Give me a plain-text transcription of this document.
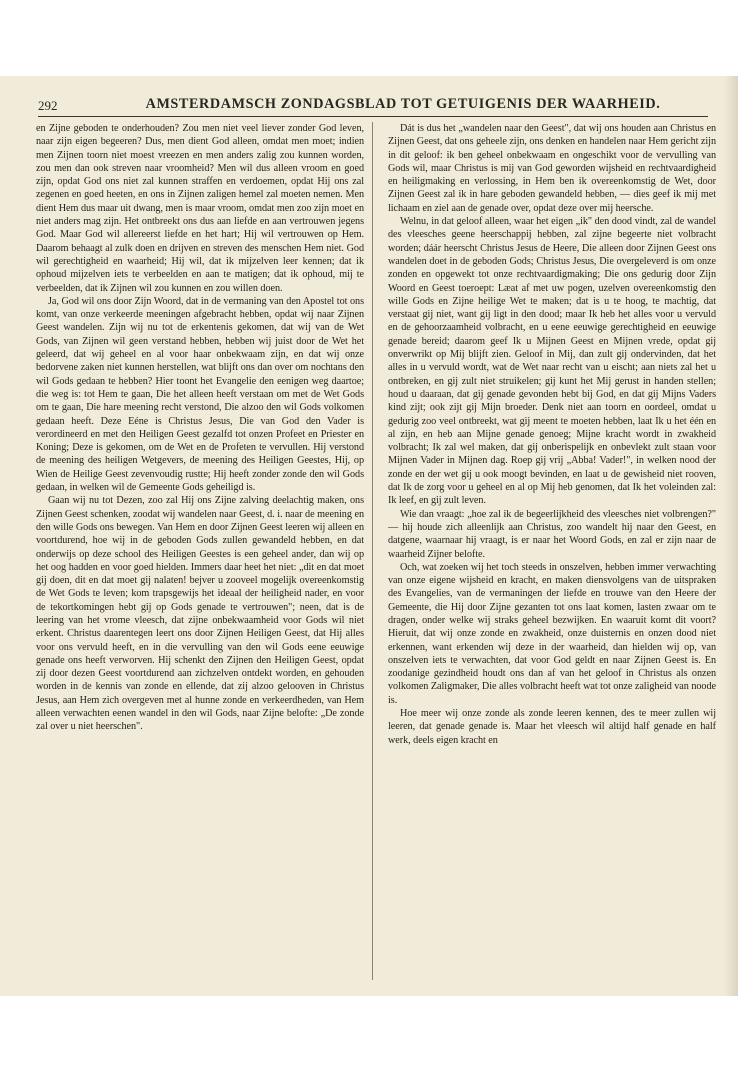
292	AMSTERDAMSCH ZONDAGSBLAD TOT GETUIGENIS DER WAARHEID.

en Zijne geboden te onderhouden? Zou men niet veel liever zonder God leven, naar zijn eigen begeeren? Dus, men dient God alleen, omdat men moet; indien men Zijnen toorn niet moest vreezen en men anders zalig zou kunnen worden, zou men dan ook streven naar vroomheid? Men wil dus alleen vroom en goed zijn, opdat God ons niet zal kunnen straffen en verdoemen, opdat Hij ons zal zegenen en goed heeten, en ons in Zijnen zaligen hemel zal moeten nemen. Men dient Hem dus maar uit dwang, men is maar vroom, omdat men zoo zijn moet en niet anders mag zijn. Het ontbreekt ons dus aan liefde en aan vertrouwen jegens God. Maar God wil allereerst liefde en het hart; Hij wil vertrouwen op Hem. Daarom behaagt al zulk doen en drijven en streven des menschen Hem niet. God wil gerechtigheid en waarheid; Hij wil, dat ik mijzelven leer kennen; dat ik ophoud mijzelven iets te verbeelden en aan te matigen; dat ik ophoud, mij te verbeelden, dat ik Zijnen wil zou kunnen en zou willen doen.

Ja, God wil ons door Zijn Woord, dat in de vermaning van den Apostel tot ons komt, van onze verkeerde meeningen afgebracht hebben, opdat wij naar Zijnen Geest wandelen. Zijn wij nu tot de erkentenis gekomen, dat wij van de Wet Gods, van Zijnen wil geen verstand hebben, hebben wij juist door de Wet het geleerd, dat wij geheel en al voor haar onbekwaam zijn, en dat wij onze bedorvene zaken niet kunnen herstellen, wat blijft ons dan over om nochtans den wil Gods gedaan te hebben? Hier toont het Evangelie den eenigen weg daartoe; die weg is: tot Hem te gaan, Die het alleen heeft verstaan om met de Wet Gods om te gaan, Die hare meening recht verstond, Die alzoo den wil Gods volkomen gedaan heeft. Deze Eéne is Christus Jesus, Die van God den Vader is verordineerd en met den Heiligen Geest gezalfd tot onzen Profeet en Priester en Koning; Deze is gekomen, om de Wet en de Profeten te vervullen. Hij verstond de meening des heiligen Wetgevers, de meening des Heiligen Geestes, Hij, op Wien de Heilige Geest zevenvoudig rustte; Hij heeft zonder zonde den wil Gods gedaan, in welken wil de Gemeente Gods geheiligd is.

Gaan wij nu tot Dezen, zoo zal Hij ons Zijne zalving deelachtig maken, ons Zijnen Geest schenken, zoodat wij wandelen naar Geest, d. i. naar de meening en den wille Gods ons bewegen. Van Hem en door Zijnen Geest leeren wij alleen en voortdurend, hoe wij in de geboden Gods zullen gewandeld hebben, en dat onderwijs op deze school des Heiligen Geestes is een geheel ander, dan wij op het oog hadden en voor goed hielden. Immers daar heet het niet: „dit en dat moet gij doen, dit en dat moet gij nalaten! bejver u zooveel mogelijk overeenkomstig de Wet Gods te leven; kom trapsgewijs het ideaal der heiligheid nader, en voor de tekortkomingen hebt gij op Gods genade te vertrouwen"; neen, dat is de leering van het vrome vleesch, dat zijne onbekwaamheid voor Gods wil niet erkent. Christus daarentegen leert ons door Zijnen Heiligen Geest, dat Hij alles voor ons vervuld heeft, en in die vervulling van den wil Gods eene eeuwige genade ons heeft verworven. Hij schenkt den Zijnen den Heiligen Geest, opdat zij door dezen Geest voortdurend aan zichzelven ontdekt worden, en gehouden worden in de kennis van zonde en ellende, dat zij alzoo gelooven in Christus Jesus, aan Hem zich overgeven met al hunne zonde en verkeerdheden, van Hem alleen verwachten eenen wandel in den wil Gods, naar Zijne belofte: „De zonde zal over u niet heerschen".

Dát is dus het „wandelen naar den Geest", dat wij ons houden aan Christus en Zijnen Geest, dat ons geheele zijn, ons denken en handelen naar Hem gericht zijn in dit geloof: ik ben geheel onbekwaam en ongeschikt voor de vervulling van Gods wil, maar Christus is mij van God geworden wijsheid en rechtvaardigheid en heiligmaking en verlossing, in Hem ben ik overeenkomstig de Wet, door Zijnen Geest zal ik in hare geboden gewandeld hebben, — dies geef ik mij met lichaam en ziel aan de genade over, opdat deze over mij heersche.

Welnu, in dat geloof alleen, waar het eigen „ik" den dood vindt, zal de wandel des vleesches geene heerschappij hebben, zal zijne begeerte niet volbracht worden; dáár heerscht Christus Jesus de Heere, Die alleen door Zijnen Geest ons wandelen doet in de geboden Gods; Christus Jesus, Die overgeleverd is om onze zonden en opgewekt tot onze rechtvaardigmaking; Die ons gedurig door Zijn Woord en Geest toeroept: Læat af met uw pogen, uzelven overeenkomstig den wille Gods en Zijne heilige Wet te maken; dat is u te hoog, te machtig, dat verstaat gij niet, want gij ligt in den dood; maar Ik heb het alles voor u vervuld en de gehoorzaamheid volbracht, en u eene eeuwige gerechtigheid en eeuwige genade bereid; daarom geef Ik u Mijnen Geest en Mijnen vrede, opdat gij onverwrikt op Mij blijft zien. Geloof in Mij, dan zult gij ondervinden, dat het alles in u vervuld wordt, wat de Wet naar recht van u eischt; aan niets zal het u ontbreken, en gij zult niet struikelen; gij kunt het Mij gerust in handen stellen; houd u daaraan, dat gij genade gevonden hebt bij God, en dat gij Mijns Vaders kind zijt; ook zijt gij Mijn broeder. Denk niet aan toorn en oordeel, omdat u gedurig zoo veel ontbreekt, wat gij meent te moeten hebben, laat Ik u het één en al zijn, en heb aan Mijne genade genoeg; Mijne kracht wordt in zwakheid volbracht; Ik zal wel maken, dat gij onberispelijk en onbevlekt zult staan voor Mijnen Vader in Mijnen dag. Roep gij vrij „Abba! Vader!", in welken nood der zonde en der wet gij u ook moogt bevinden, en laat u de gewisheid niet rooven, dat Ik de zorg voor u geheel en al op Mij heb genomen, dat Ik het voleinden zal: Ik leef, en gij zult leven.

Wie dan vraagt: „hoe zal ik de begeerlijkheid des vleesches niet volbrengen?" — hij houde zich alleenlijk aan Christus, zoo wandelt hij naar den Geest, en datgene, waarnaar hij vraagt, is er naar het Woord Gods, en zal er zijn naar de waarheid Zijner belofte.

Och, wat zoeken wij het toch steeds in onszelven, hebben immer verwachting van onze eigene wijsheid en kracht, en maken diensvolgens van de uitspraken des Evangelies, van de vermaningen der liefde en trouwe van den Heere der Gemeente, die Hij door Zijne gezanten tot ons laat komen, lasten zwaar om te dragen, onder welke wij straks geheel bezwijken. En waaruit komt dit voort? Hieruit, dat wij onze zonde en zwakheid, onze duisternis en onzen dood niet erkennen, want erkenden wij deze in der waarheid, dan hielden wij op, van onszelven iets te verwachten, dat voor God geldt en naar Zijnen Geest is. En zoodanige gezindheid houdt ons dan af van het geloof in Christus als onzen volkomen Zaligmaker, Die alles volbracht heeft wat tot onze zaligheid van noode is.

Hoe meer wij onze zonde als zonde leeren kennen, des te meer zullen wij leeren, dat genade genade is. Maar het vleesch wil altijd half genade en half werk, deels eigen kracht en
